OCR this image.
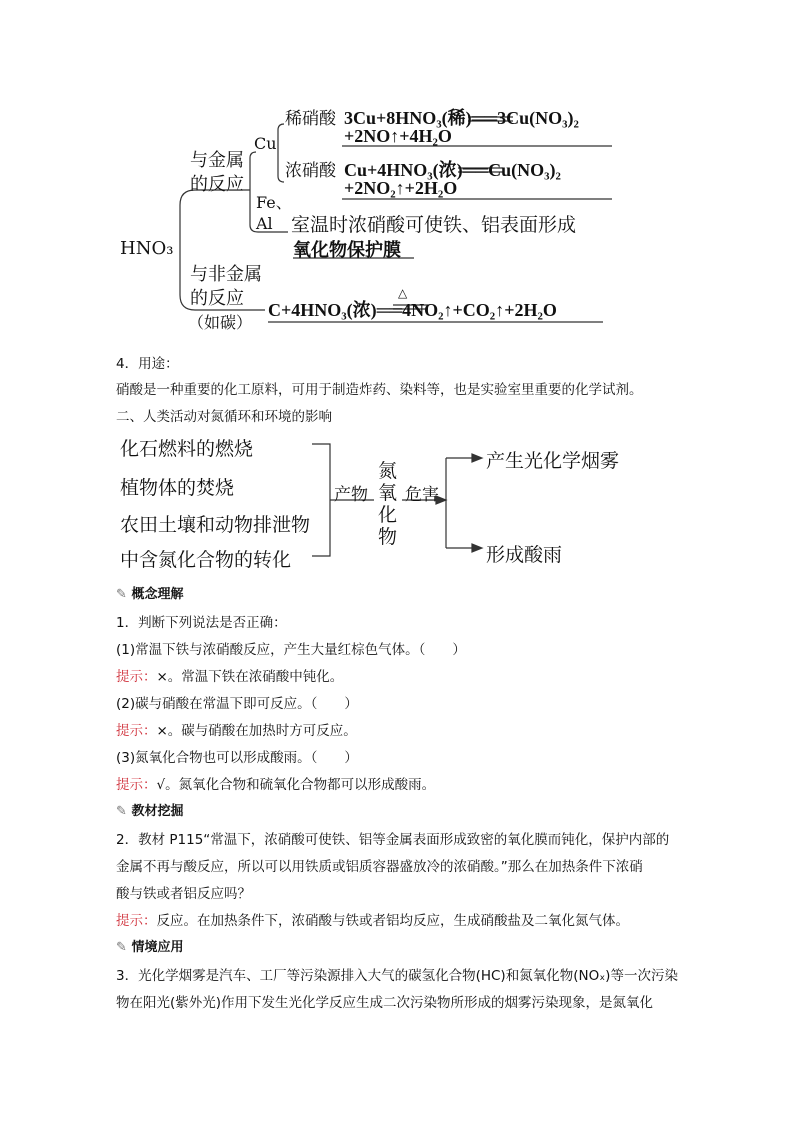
HNO₃
与金属
的反应
Cu
稀硝酸 3Cu+8HNO₃(稀)══3Cu(NO₃)₂
+2NO↑+4H₂O
浓硝酸 Cu+4HNO₃(浓)══Cu(NO₃)₂
+2NO₂↑+2H₂O
Fe、
Al 室温时浓硝酸可使铁、铝表面形成
氧化物保护膜
与非金属
的反应
（如碳）
△
C+4HNO₃(浓)══4NO₂↑+CO₂↑+2H₂O
4．用途：
硝酸是一种重要的化工原料，可用于制造炸药、染料等，也是实验室里重要的化学试剂。
二、人类活动对氮循环和环境的影响
化石燃料的燃烧
植物体的焚烧
农田土壤和动物排泄物
中含氮化合物的转化
产物
氮
氧
化
物
危害
产生光化学烟雾
形成酸雨
✎ 概念理解
1．判断下列说法是否正确：
(1)常温下铁与浓硝酸反应，产生大量红棕色气体。（　　）
提示：×。常温下铁在浓硝酸中钝化。
(2)碳与硝酸在常温下即可反应。（　　）
提示：×。碳与硝酸在加热时方可反应。
(3)氮氧化合物也可以形成酸雨。（　　）
提示：√。氮氧化合物和硫氧化合物都可以形成酸雨。
✎ 教材挖掘
2．教材 P115“常温下，浓硝酸可使铁、铝等金属表面形成致密的氧化膜而钝化，保护内部的
金属不再与酸反应，所以可以用铁质或铝质容器盛放冷的浓硝酸。”那么在加热条件下浓硝
酸与铁或者铝反应吗？
提示：反应。在加热条件下，浓硝酸与铁或者铝均反应，生成硝酸盐及二氧化氮气体。
✎ 情境应用
3．光化学烟雾是汽车、工厂等污染源排入大气的碳氢化合物(HC)和氮氧化物(NOₓ)等一次污染
物在阳光(紫外光)作用下发生光化学反应生成二次污染物所形成的烟雾污染现象，是氮氧化
